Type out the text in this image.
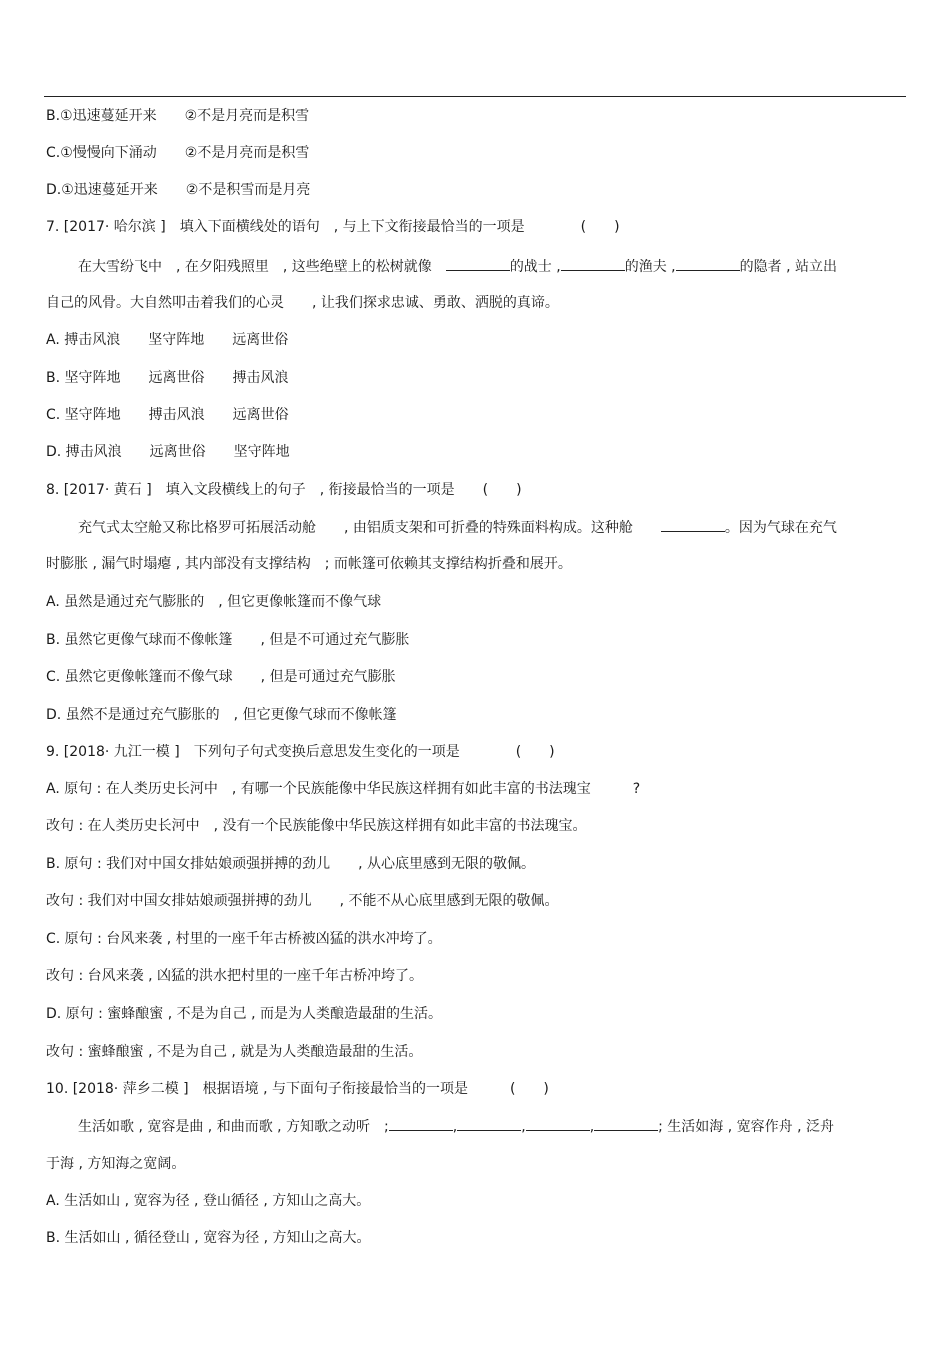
B.①迅速蔓延开来　　②不是月亮而是积雪
C.①慢慢向下涌动　　②不是月亮而是积雪
D.①迅速蔓延开来　　②不是积雪而是月亮
7. [2017· 哈尔滨 ]　填入下面横线处的语句　, 与上下文衔接最恰当的一项是　　　　(　　)
在大雪纷飞中　, 在夕阳残照里　, 这些绝壁上的松树就像　	的战士 ,	的渔夫 ,	的隐者 , 站立出
自己的风骨。大自然叩击着我们的心灵　　, 让我们探求忠诚、勇敢、洒脱的真谛。
A. 搏击风浪　　坚守阵地　　远离世俗
B. 坚守阵地　　远离世俗　　搏击风浪
C. 坚守阵地　　搏击风浪　　远离世俗
D. 搏击风浪　　远离世俗　　坚守阵地
8. [2017· 黄石 ]　填入文段横线上的句子　, 衔接最恰当的一项是　　(　　)
充气式太空舱又称比格罗可拓展活动舱　　, 由铝质支架和可折叠的特殊面料构成。这种舱　　	。因为气球在充气
时膨胀 , 漏气时塌瘪 , 其内部没有支撑结构　; 而帐篷可依赖其支撑结构折叠和展开。
A. 虽然是通过充气膨胀的　, 但它更像帐篷而不像气球
B. 虽然它更像气球而不像帐篷　　, 但是不可通过充气膨胀
C. 虽然它更像帐篷而不像气球　　, 但是可通过充气膨胀
D. 虽然不是通过充气膨胀的　, 但它更像气球而不像帐篷
9. [2018· 九江一模 ]　下列句子句式变换后意思发生变化的一项是　　　　(　　)
A. 原句 : 在人类历史长河中　, 有哪一个民族能像中华民族这样拥有如此丰富的书法瑰宝　　　?
改句 : 在人类历史长河中　, 没有一个民族能像中华民族这样拥有如此丰富的书法瑰宝。
B. 原句 : 我们对中国女排姑娘顽强拼搏的劲儿　　, 从心底里感到无限的敬佩。
改句 : 我们对中国女排姑娘顽强拼搏的劲儿　　, 不能不从心底里感到无限的敬佩。
C. 原句 : 台风来袭 , 村里的一座千年古桥被凶猛的洪水冲垮了。
改句 : 台风来袭 , 凶猛的洪水把村里的一座千年古桥冲垮了。
D. 原句 : 蜜蜂酿蜜 , 不是为自己 , 而是为人类酿造最甜的生活。
改句 : 蜜蜂酿蜜 , 不是为自己 , 就是为人类酿造最甜的生活。
10. [2018· 萍乡二模 ]　根据语境 , 与下面句子衔接最恰当的一项是　　　(　　)
生活如歌 , 宽容是曲 , 和曲而歌 , 方知歌之动听　;	,	,	,	; 生活如海 , 宽容作舟 , 泛舟
于海 , 方知海之宽阔。
A. 生活如山 , 宽容为径 , 登山循径 , 方知山之高大。
B. 生活如山 , 循径登山 , 宽容为径 , 方知山之高大。
